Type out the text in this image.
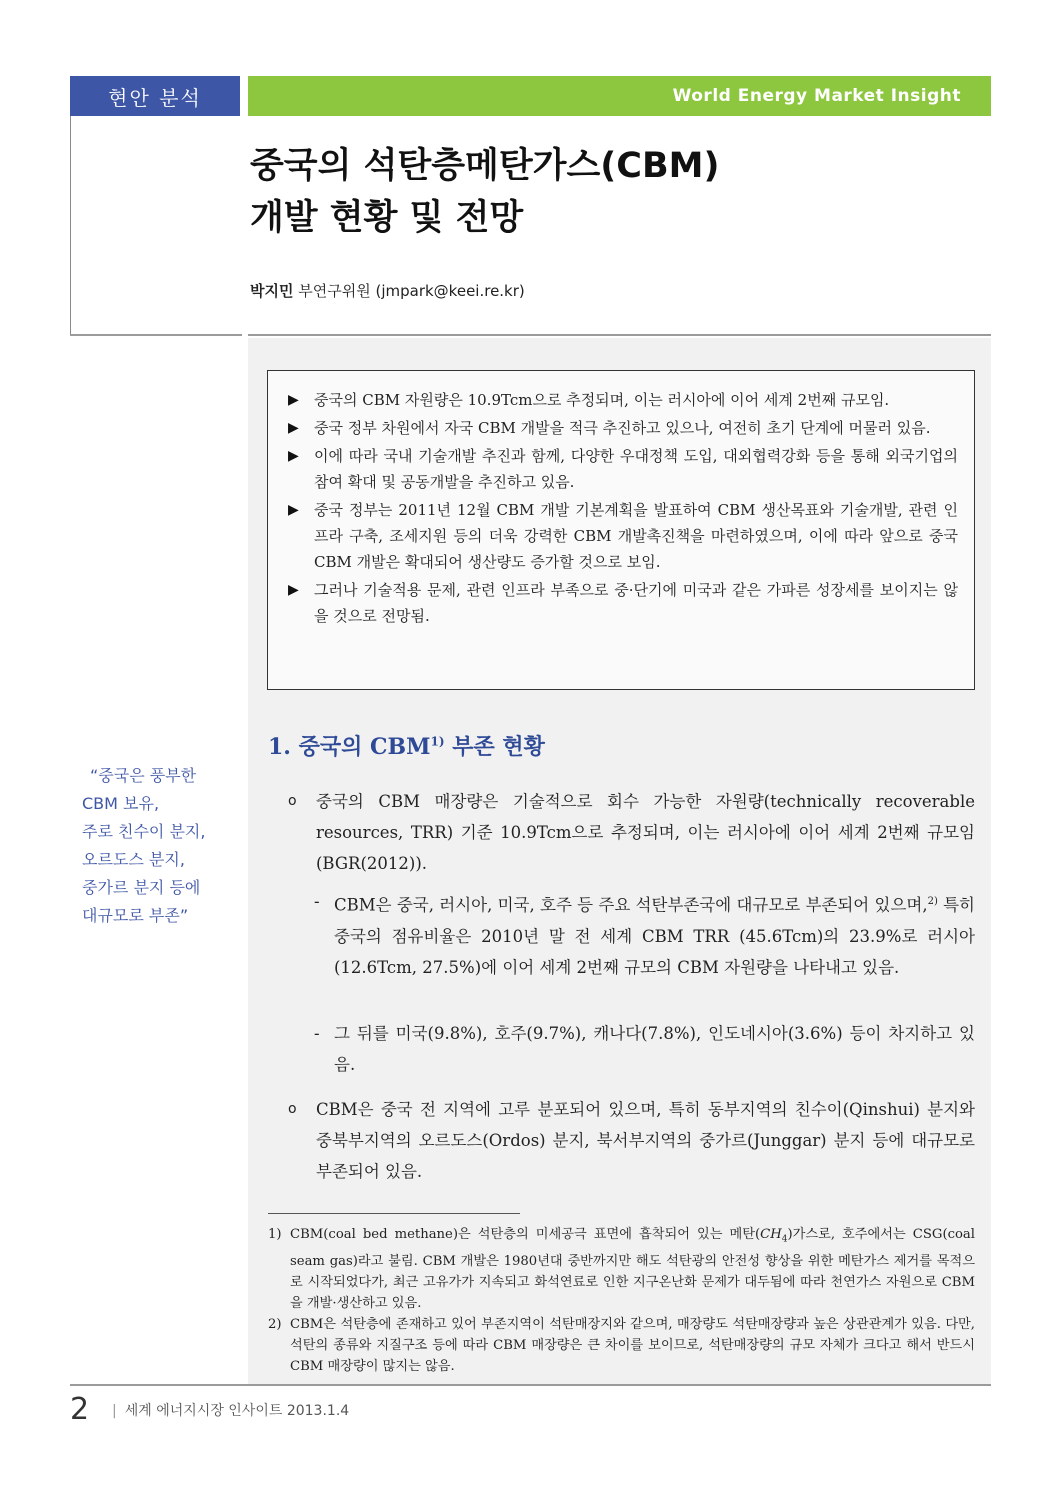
현안 분석	World Energy Market Insight
중국의 석탄층메탄가스(CBM)
개발 현황 및 전망
박지민 부연구위원 (jmpark@keei.re.kr)
▶ 중국의 CBM 자원량은 10.9Tcm으로 추정되며, 이는 러시아에 이어 세계 2번째 규모임.
▶ 중국 정부 차원에서 자국 CBM 개발을 적극 추진하고 있으나, 여전히 초기 단계에 머물러 있음.
▶ 이에 따라 국내 기술개발 추진과 함께, 다양한 우대정책 도입, 대외협력강화 등을 통해 외국기업의 참여 확대 및 공동개발을 추진하고 있음.
▶ 중국 정부는 2011년 12월 CBM 개발 기본계획을 발표하여 CBM 생산목표와 기술개발, 관련 인프라 구축, 조세지원 등의 더욱 강력한 CBM 개발촉진책을 마련하였으며, 이에 따라 앞으로 중국 CBM 개발은 확대되어 생산량도 증가할 것으로 보임.
▶ 그러나 기술적용 문제, 관련 인프라 부족으로 중·단기에 미국과 같은 가파른 성장세를 보이지는 않을 것으로 전망됨.
“중국은 풍부한
CBM 보유,
주로 친수이 분지,
오르도스 분지,
중가르 분지 등에
대규모로 부존”
1. 중국의 CBM$^{1)}$ 부존 현황
o 중국의 CBM 매장량은 기술적으로 회수 가능한 자원량(technically recoverable resources, TRR) 기준 10.9Tcm으로 추정되며, 이는 러시아에 이어 세계 2번째 규모임(BGR(2012)).
- CBM은 중국, 러시아, 미국, 호주 등 주요 석탄부존국에 대규모로 부존되어 있으며,$^{2)}$ 특히 중국의 점유비율은 2010년 말 전 세계 CBM TRR (45.6Tcm)의 23.9%로 러시아(12.6Tcm, 27.5%)에 이어 세계 2번째 규모의 CBM 자원량을 나타내고 있음.
- 그 뒤를 미국(9.8%), 호주(9.7%), 캐나다(7.8%), 인도네시아(3.6%) 등이 차지하고 있음.
o CBM은 중국 전 지역에 고루 분포되어 있으며, 특히 동부지역의 친수이(Qinshui) 분지와 중북부지역의 오르도스(Ordos) 분지, 북서부지역의 중가르(Junggar) 분지 등에 대규모로 부존되어 있음.
1) CBM(coal bed methane)은 석탄층의 미세공극 표면에 흡착되어 있는 메탄$(CH_4)$가스로, 호주에서는 CSG(coal seam gas)라고 불림. CBM 개발은 1980년대 중반까지만 해도 석탄광의 안전성 향상을 위한 메탄가스 제거를 목적으로 시작되었다가, 최근 고유가가 지속되고 화석연료로 인한 지구온난화 문제가 대두됨에 따라 천연가스 자원으로 CBM을 개발·생산하고 있음.
2) CBM은 석탄층에 존재하고 있어 부존지역이 석탄매장지와 같으며, 매장량도 석탄매장량과 높은 상관관계가 있음. 다만, 석탄의 종류와 지질구조 등에 따라 CBM 매장량은 큰 차이를 보이므로, 석탄매장량의 규모 자체가 크다고 해서 반드시 CBM 매장량이 많지는 않음.
2 | 세계 에너지시장 인사이트 2013.1.4
